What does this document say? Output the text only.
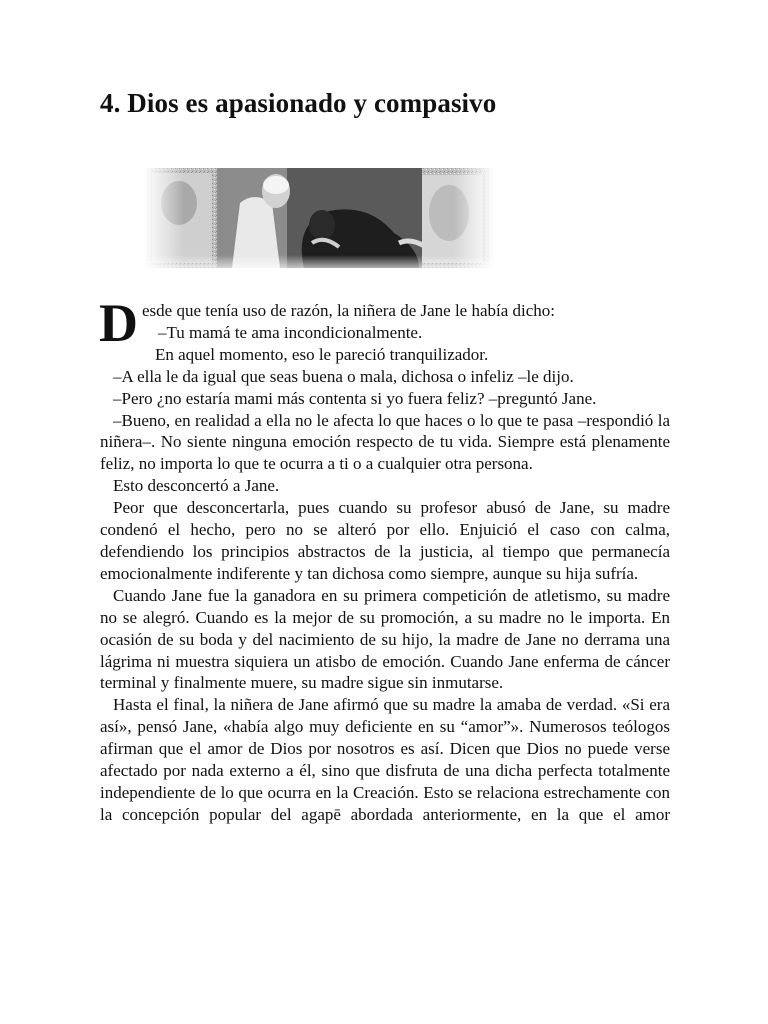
4. Dios es apasionado y compasivo

Desde que tenía uso de razón, la niñera de Jane le había dicho:

–Tu mamá te ama incondicionalmente.

En aquel momento, eso le pareció tranquilizador.

–A ella le da igual que seas buena o mala, dichosa o infeliz –le dijo.

–Pero ¿no estaría mami más contenta si yo fuera feliz? –preguntó Jane.

–Bueno, en realidad a ella no le afecta lo que haces o lo que te pasa –respondió la niñera–. No siente ninguna emoción respecto de tu vida. Siempre está plenamente feliz, no importa lo que te ocurra a ti o a cualquier otra persona.

Esto desconcertó a Jane.

Peor que desconcertarla, pues cuando su profesor abusó de Jane, su madre condenó el hecho, pero no se alteró por ello. Enjuició el caso con calma, defendiendo los principios abstractos de la justicia, al tiempo que permanecía emocionalmente indiferente y tan dichosa como siempre, aunque su hija sufría.

Cuando Jane fue la ganadora en su primera competición de atletismo, su madre no se alegró. Cuando es la mejor de su promoción, a su madre no le importa. En ocasión de su boda y del nacimiento de su hijo, la madre de Jane no derrama una lágrima ni muestra siquiera un atisbo de emoción. Cuando Jane enferma de cáncer terminal y finalmente muere, su madre sigue sin inmutarse.

Hasta el final, la niñera de Jane afirmó que su madre la amaba de verdad. «Si era así», pensó Jane, «había algo muy deficiente en su “amor”». Numerosos teólogos afirman que el amor de Dios por nosotros es así. Dicen que Dios no puede verse afectado por nada externo a él, sino que disfruta de una dicha perfecta totalmente independiente de lo que ocurra en la Creación. Esto se relaciona estrechamente con la concepción popular del agapē abordada anteriormente, en la que el amor
